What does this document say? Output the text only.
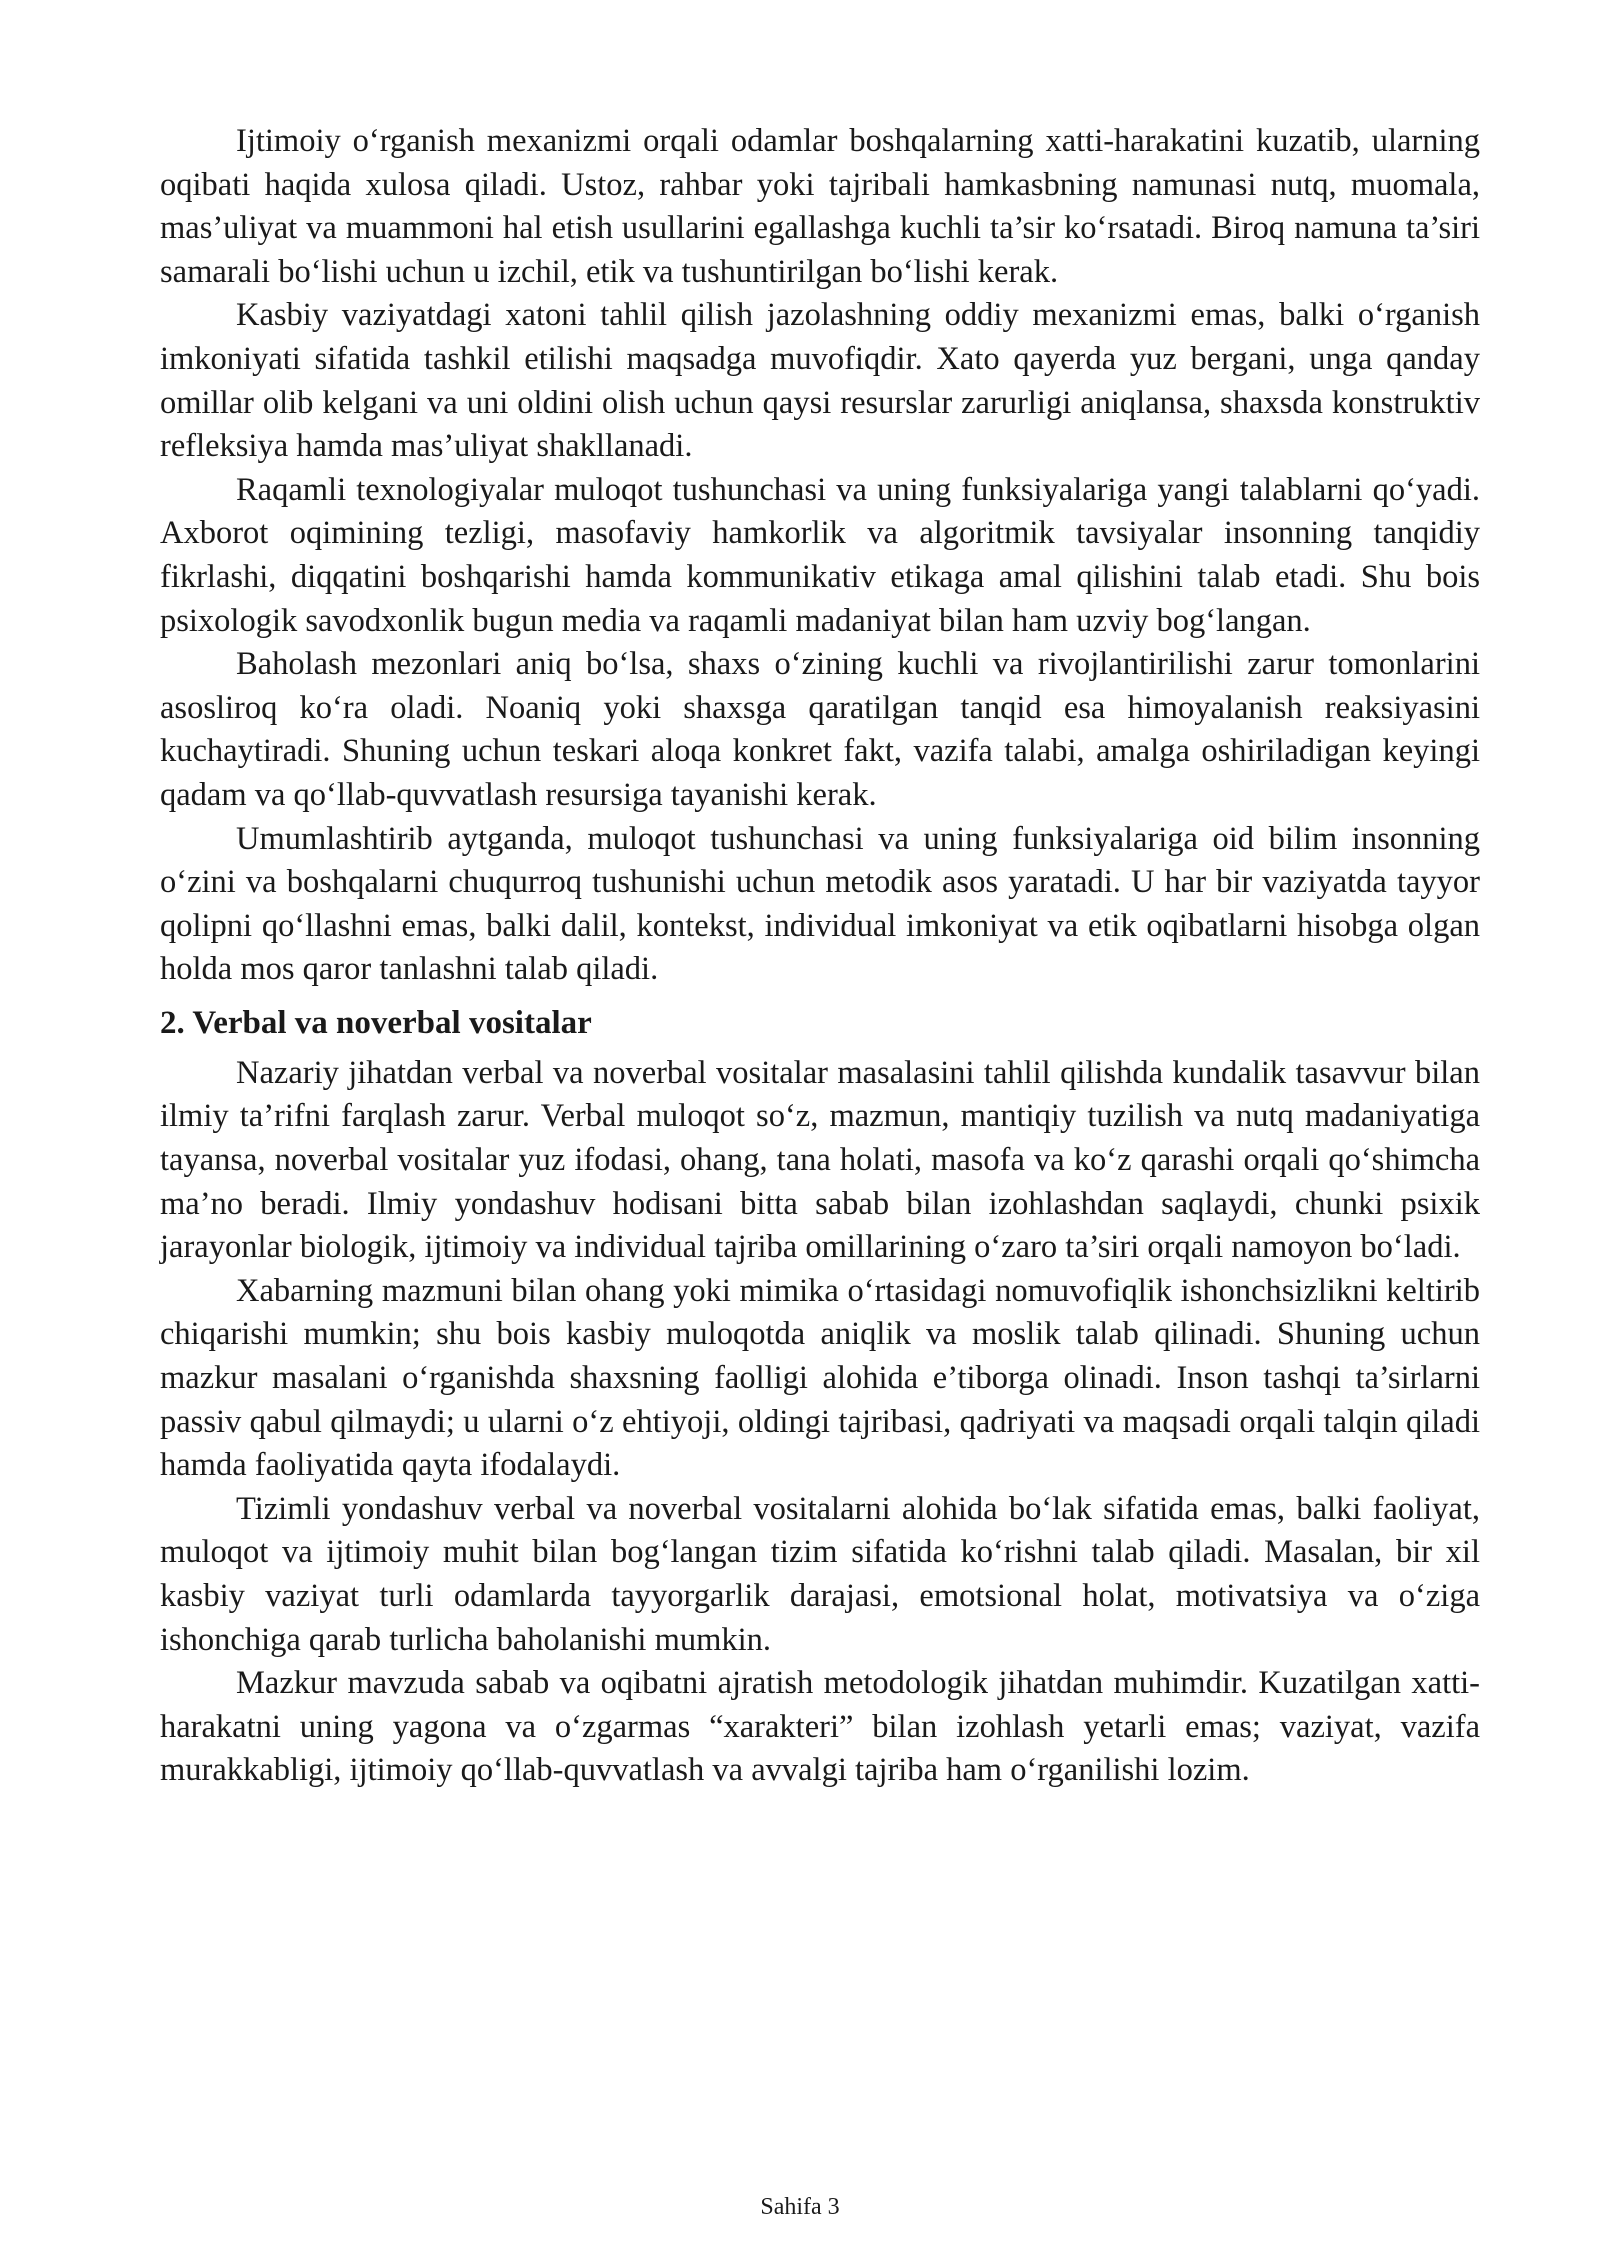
Ijtimoiy o‘rganish mexanizmi orqali odamlar boshqalarning xatti-harakatini kuzatib, ularning oqibati haqida xulosa qiladi. Ustoz, rahbar yoki tajribali hamkasbning namunasi nutq, muomala, mas’uliyat va muammoni hal etish usullarini egallashga kuchli ta’sir ko‘rsatadi. Biroq namuna ta’siri samarali bo‘lishi uchun u izchil, etik va tushuntirilgan bo‘lishi kerak.

Kasbiy vaziyatdagi xatoni tahlil qilish jazolashning oddiy mexanizmi emas, balki o‘rganish imkoniyati sifatida tashkil etilishi maqsadga muvofiqdir. Xato qayerda yuz bergani, unga qanday omillar olib kelgani va uni oldini olish uchun qaysi resurslar zarurligi aniqlansa, shaxsda konstruktiv refleksiya hamda mas’uliyat shakllanadi.

Raqamli texnologiyalar muloqot tushunchasi va uning funksiyalariga yangi talablarni qo‘yadi. Axborot oqimining tezligi, masofaviy hamkorlik va algoritmik tavsiyalar insonning tanqidiy fikrlashi, diqqatini boshqarishi hamda kommunikativ etikaga amal qilishini talab etadi. Shu bois psixologik savodxonlik bugun media va raqamli madaniyat bilan ham uzviy bog‘langan.

Baholash mezonlari aniq bo‘lsa, shaxs o‘zining kuchli va rivojlantirilishi zarur tomonlarini asosliroq ko‘ra oladi. Noaniq yoki shaxsga qaratilgan tanqid esa himoyalanish reaksiyasini kuchaytiradi. Shuning uchun teskari aloqa konkret fakt, vazifa talabi, amalga oshiriladigan keyingi qadam va qo‘llab-quvvatlash resursiga tayanishi kerak.

Umumlashtirib aytganda, muloqot tushunchasi va uning funksiyalariga oid bilim insonning o‘zini va boshqalarni chuqurroq tushunishi uchun metodik asos yaratadi. U har bir vaziyatda tayyor qolipni qo‘llashni emas, balki dalil, kontekst, individual imkoniyat va etik oqibatlarni hisobga olgan holda mos qaror tanlashni talab qiladi.

2. Verbal va noverbal vositalar

Nazariy jihatdan verbal va noverbal vositalar masalasini tahlil qilishda kundalik tasavvur bilan ilmiy ta’rifni farqlash zarur. Verbal muloqot so‘z, mazmun, mantiqiy tuzilish va nutq madaniyatiga tayansa, noverbal vositalar yuz ifodasi, ohang, tana holati, masofa va ko‘z qarashi orqali qo‘shimcha ma’no beradi. Ilmiy yondashuv hodisani bitta sabab bilan izohlashdan saqlaydi, chunki psixik jarayonlar biologik, ijtimoiy va individual tajriba omillarining o‘zaro ta’siri orqali namoyon bo‘ladi.

Xabarning mazmuni bilan ohang yoki mimika o‘rtasidagi nomuvofiqlik ishonchsizlikni keltirib chiqarishi mumkin; shu bois kasbiy muloqotda aniqlik va moslik talab qilinadi. Shuning uchun mazkur masalani o‘rganishda shaxsning faolligi alohida e’tiborga olinadi. Inson tashqi ta’sirlarni passiv qabul qilmaydi; u ularni o‘z ehtiyoji, oldingi tajribasi, qadriyati va maqsadi orqali talqin qiladi hamda faoliyatida qayta ifodalaydi.

Tizimli yondashuv verbal va noverbal vositalarni alohida bo‘lak sifatida emas, balki faoliyat, muloqot va ijtimoiy muhit bilan bog‘langan tizim sifatida ko‘rishni talab qiladi. Masalan, bir xil kasbiy vaziyat turli odamlarda tayyorgarlik darajasi, emotsional holat, motivatsiya va o‘ziga ishonchiga qarab turlicha baholanishi mumkin.

Mazkur mavzuda sabab va oqibatni ajratish metodologik jihatdan muhimdir. Kuzatilgan xatti-harakatni uning yagona va o‘zgarmas “xarakteri” bilan izohlash yetarli emas; vaziyat, vazifa murakkabligi, ijtimoiy qo‘llab-quvvatlash va avvalgi tajriba ham o‘rganilishi lozim.

Sahifa 3
